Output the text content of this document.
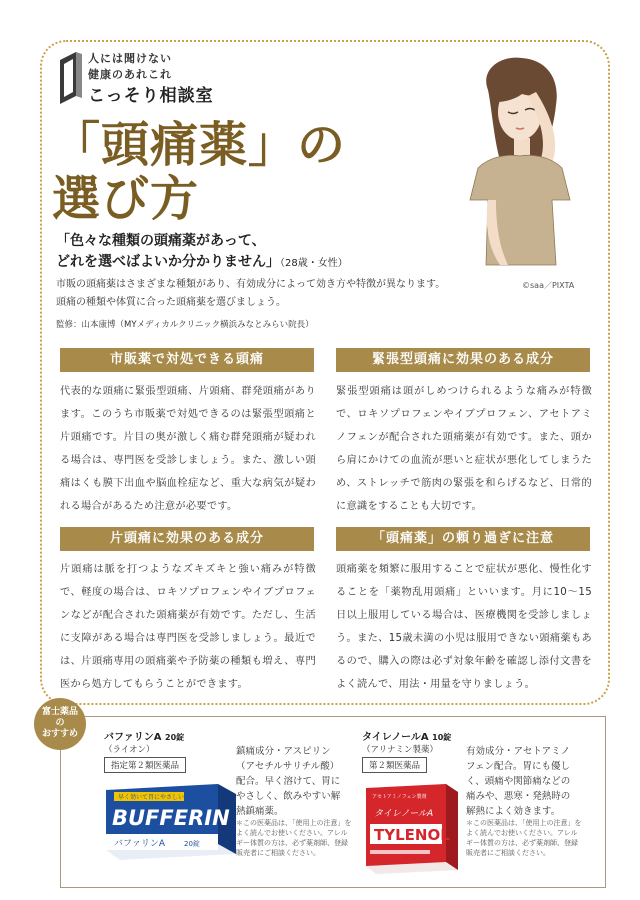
人には聞けない
健康のあれこれ
こっそり相談室
「頭痛薬」の
選び方
©saa／PIXTA
「色々な種類の頭痛薬があって、
どれを選べばよいか分かりません」（28歳・女性）
市販の頭痛薬はさまざまな種類があり、有効成分によって効き方や特徴が異なります。
頭痛の種類や体質に合った頭痛薬を選びましょう。
監修：山本康博（MYメディカルクリニック横浜みなとみらい院長）
市販薬で対処できる頭痛
代表的な頭痛に緊張型頭痛、片頭痛、群発頭痛があります。このうち市販薬で対処できるのは緊張型頭痛と片頭痛です。片目の奥が激しく痛む群発頭痛が疑われる場合は、専門医を受診しましょう。また、激しい頭痛はくも膜下出血や脳血栓症など、重大な病気が疑われる場合があるため注意が必要です。
緊張型頭痛に効果のある成分
緊張型頭痛は頭がしめつけられるような痛みが特徴で、ロキソプロフェンやイブプロフェン、アセトアミノフェンが配合された頭痛薬が有効です。また、頭から肩にかけての血流が悪いと症状が悪化してしまうため、ストレッチで筋肉の緊張を和らげるなど、日常的に意識をすることも大切です。
片頭痛に効果のある成分
片頭痛は脈を打つようなズキズキと強い痛みが特徴で、軽度の場合は、ロキソプロフェンやイブプロフェンなどが配合された頭痛薬が有効です。ただし、生活に支障がある場合は専門医を受診しましょう。最近では、片頭痛専用の頭痛薬や予防薬の種類も増え、専門医から処方してもらうことができます。
「頭痛薬」の頼り過ぎに注意
頭痛薬を頻繁に服用することで症状が悪化、慢性化することを「薬物乱用頭痛」といいます。月に10〜15日以上服用している場合は、医療機関を受診しましょう。また、15歳未満の小児は服用できない頭痛薬もあるので、購入の際は必ず対象年齢を確認し添付文書をよく読んで、用法・用量を守りましょう。
富士薬品
の
おすすめ	バファリンA 20錠
（ライオン）
指定第２類医薬品
鎮痛成分・アスピリン（アセチルサリチル酸）配合。早く溶けて、胃にやさしく、飲みやすい解熱鎮痛薬。
＊この医薬品は、「使用上の注意」をよく読んでお使いください。アレルギー体質の方は、必ず薬剤師、登録販売者にご相談ください。
早く効いて胃にやさしい
BUFFERIN
バファリンA	20錠
タイレノールA 10錠
（アリナミン製薬）
第２類医薬品
有効成分・アセトアミノフェン配合。胃にも優しく、頭痛や関節痛などの痛みや、悪寒・発熱時の解熱によく効きます。
＊この医薬品は、「使用上の注意」をよく読んでお使いください。アレルギー体質の方は、必ず薬剤師、登録販売者にご相談ください。
アセトアミノフェン製剤
タイレノールA
TYLENOL
